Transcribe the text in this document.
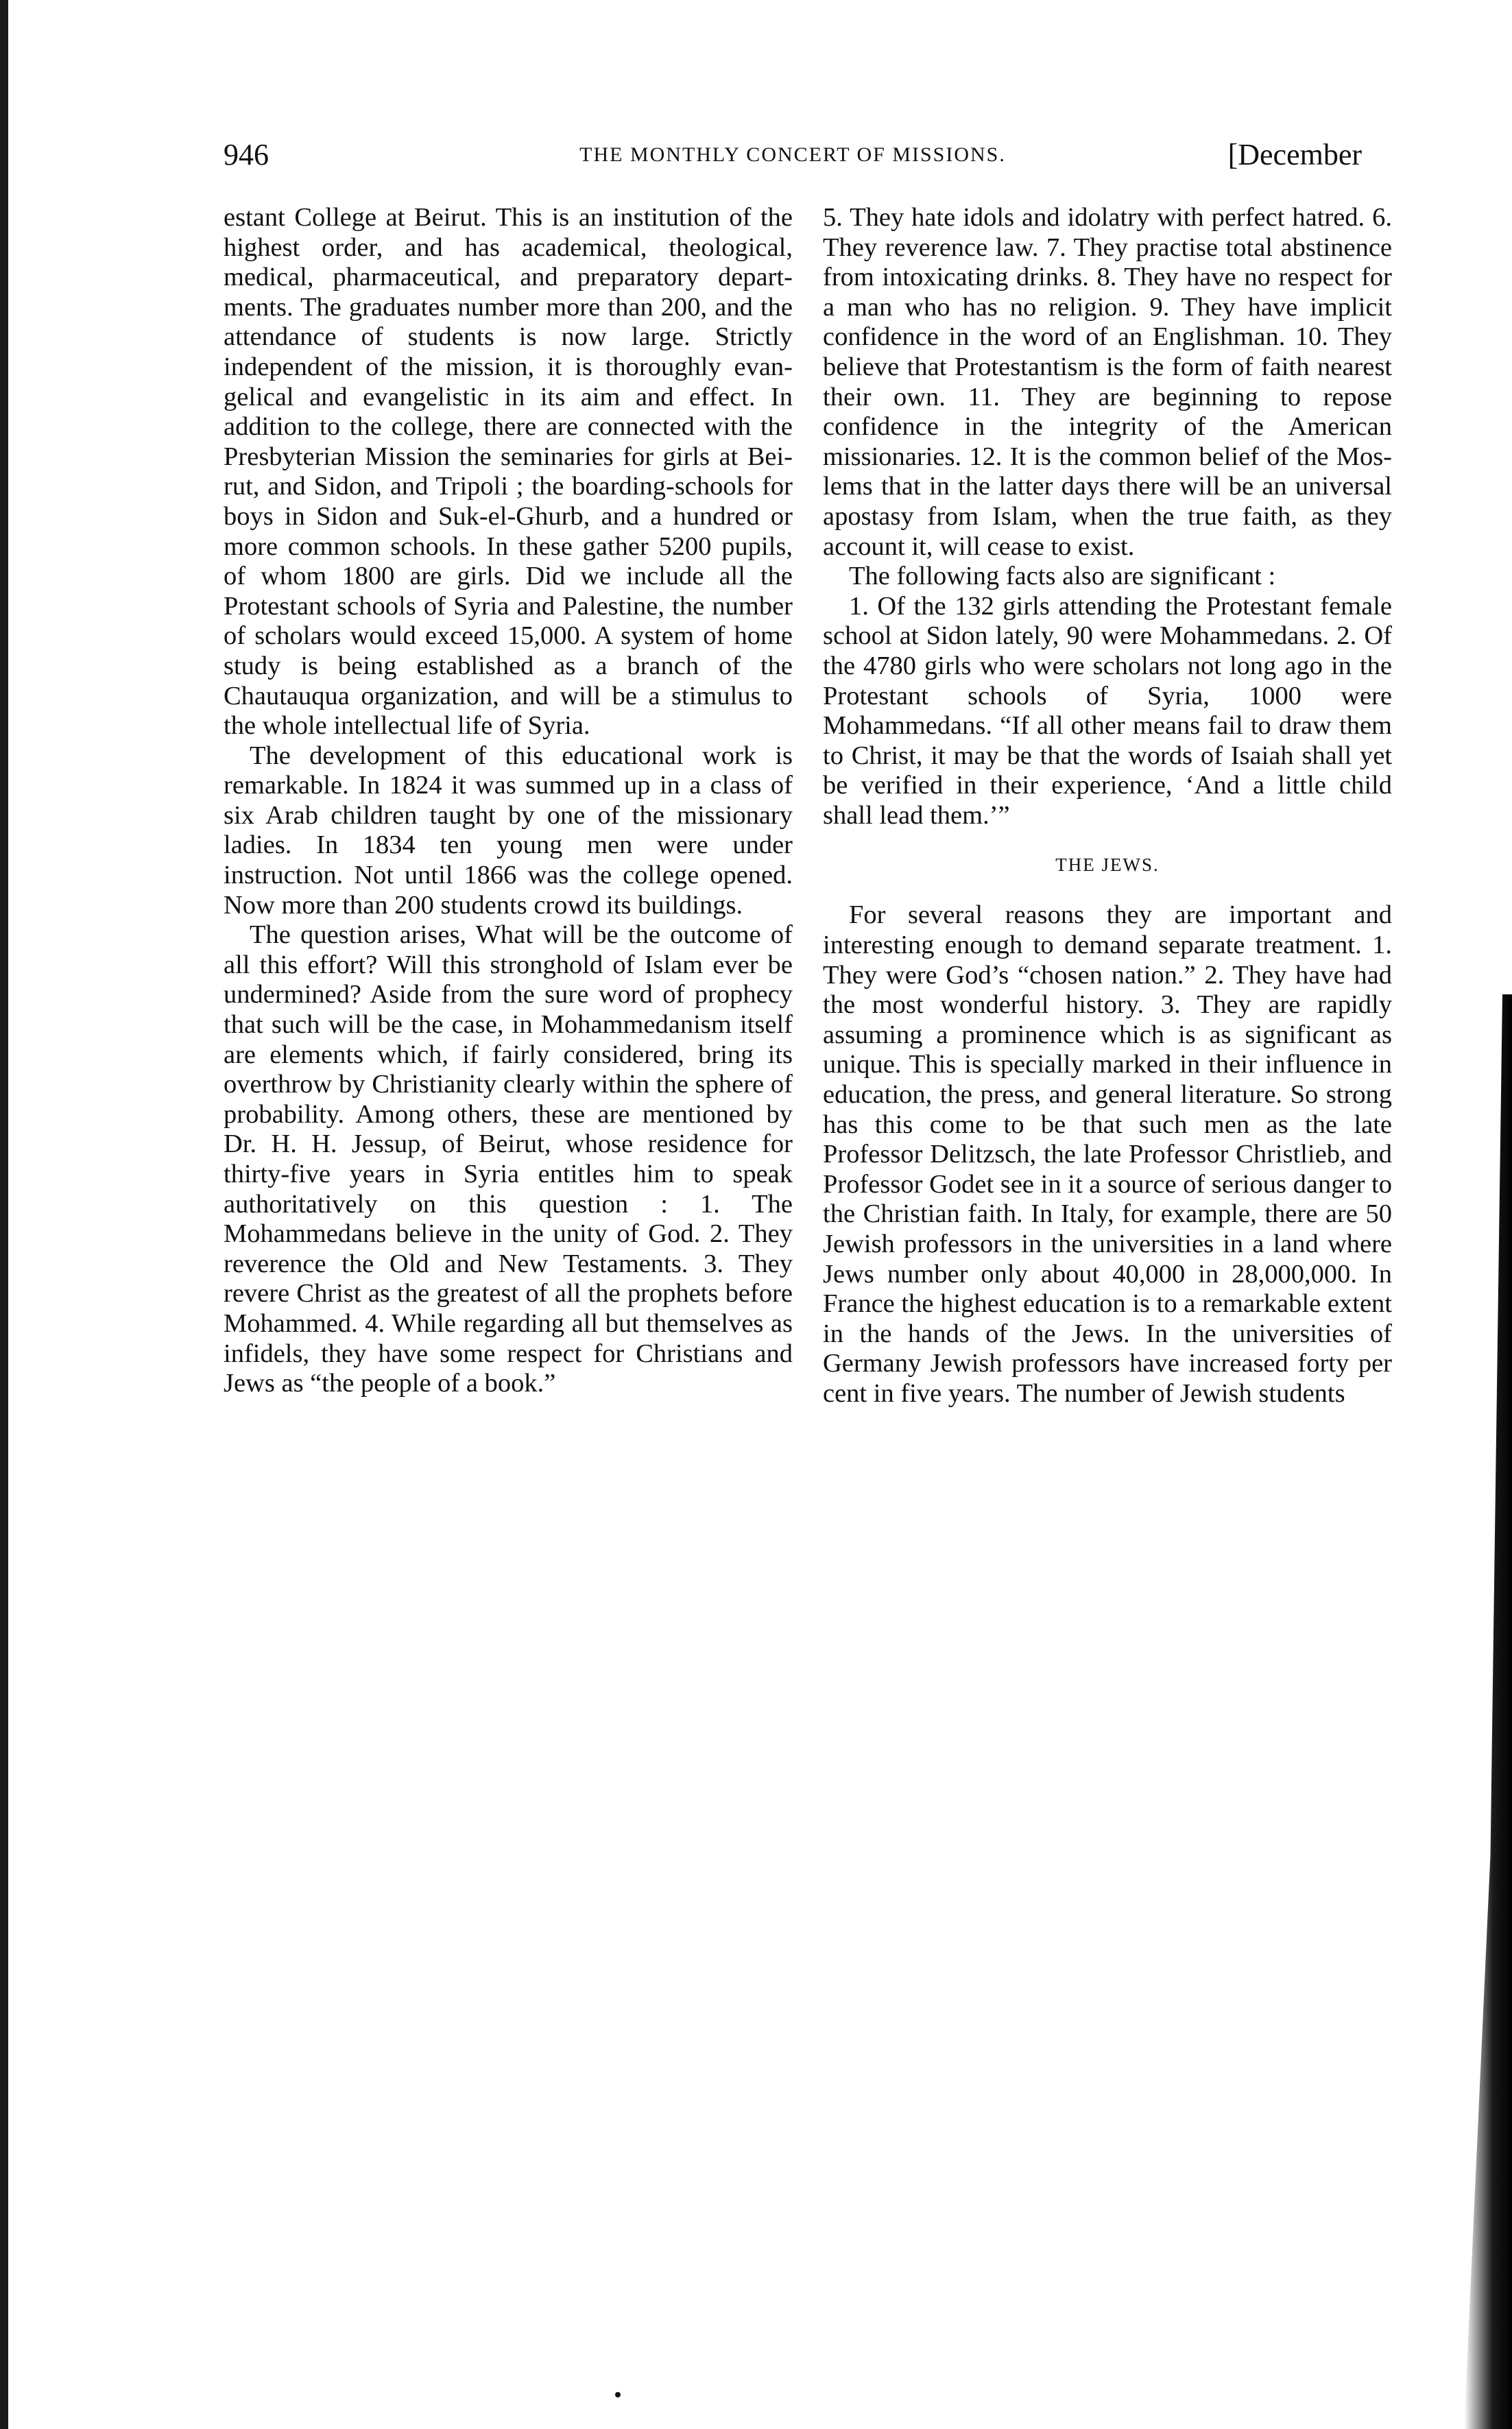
946	THE MONTHLY CONCERT OF MISSIONS.	[December

estant College at Beirut. This is an institution of the highest order, and has academical, theological, medical, pharmaceutical, and preparatory departments. The graduates number more than 200, and the attendance of students is now large. Strictly independent of the mission, it is thoroughly evangelical and evangelistic in its aim and effect. In addition to the college, there are connected with the Presbyterian Mission the seminaries for girls at Beirut, and Sidon, and Tripoli ; the boarding-schools for boys in Sidon and Suk-el-Ghurb, and a hundred or more common schools. In these gather 5200 pupils, of whom 1800 are girls. Did we include all the Protestant schools of Syria and Palestine, the number of scholars would exceed 15,000. A system of home study is being established as a branch of the Chautauqua organization, and will be a stimulus to the whole intellectual life of Syria.

The development of this educational work is remarkable. In 1824 it was summed up in a class of six Arab children taught by one of the missionary ladies. In 1834 ten young men were under instruction. Not until 1866 was the college opened. Now more than 200 students crowd its buildings.

The question arises, What will be the outcome of all this effort? Will this stronghold of Islam ever be undermined? Aside from the sure word of prophecy that such will be the case, in Mohammedanism itself are elements which, if fairly considered, bring its overthrow by Christianity clearly within the sphere of probability. Among others, these are mentioned by Dr. H. H. Jessup, of Beirut, whose residence for thirty-five years in Syria entitles him to speak authoritatively on this question : 1. The Mohammedans believe in the unity of God. 2. They reverence the Old and New Testaments. 3. They revere Christ as the greatest of all the prophets before Mohammed. 4. While regarding all but themselves as infidels, they have some respect for Christians and Jews as “the people of a book.”

5. They hate idols and idolatry with perfect hatred. 6. They reverence law. 7. They practise total abstinence from intoxicating drinks. 8. They have no respect for a man who has no religion. 9. They have implicit confidence in the word of an Englishman. 10. They believe that Protestantism is the form of faith nearest their own. 11. They are beginning to repose confidence in the integrity of the American missionaries. 12. It is the common belief of the Moslems that in the latter days there will be an universal apostasy from Islam, when the true faith, as they account it, will cease to exist.

The following facts also are significant :

1. Of the 132 girls attending the Protestant female school at Sidon lately, 90 were Mohammedans. 2. Of the 4780 girls who were scholars not long ago in the Protestant schools of Syria, 1000 were Mohammedans. “If all other means fail to draw them to Christ, it may be that the words of Isaiah shall yet be verified in their experience, ‘And a little child shall lead them.’”

THE JEWS.

For several reasons they are important and interesting enough to demand separate treatment. 1. They were God’s “chosen nation.” 2. They have had the most wonderful history. 3. They are rapidly assuming a prominence which is as significant as unique. This is specially marked in their influence in education, the press, and general literature. So strong has this come to be that such men as the late Professor Delitzsch, the late Professor Christlieb, and Professor Godet see in it a source of serious danger to the Christian faith. In Italy, for example, there are 50 Jewish professors in the universities in a land where Jews number only about 40,000 in 28,000,000. In France the highest education is to a remarkable extent in the hands of the Jews. In the universities of Germany Jewish professors have increased forty per cent in five years. The number of Jewish students
